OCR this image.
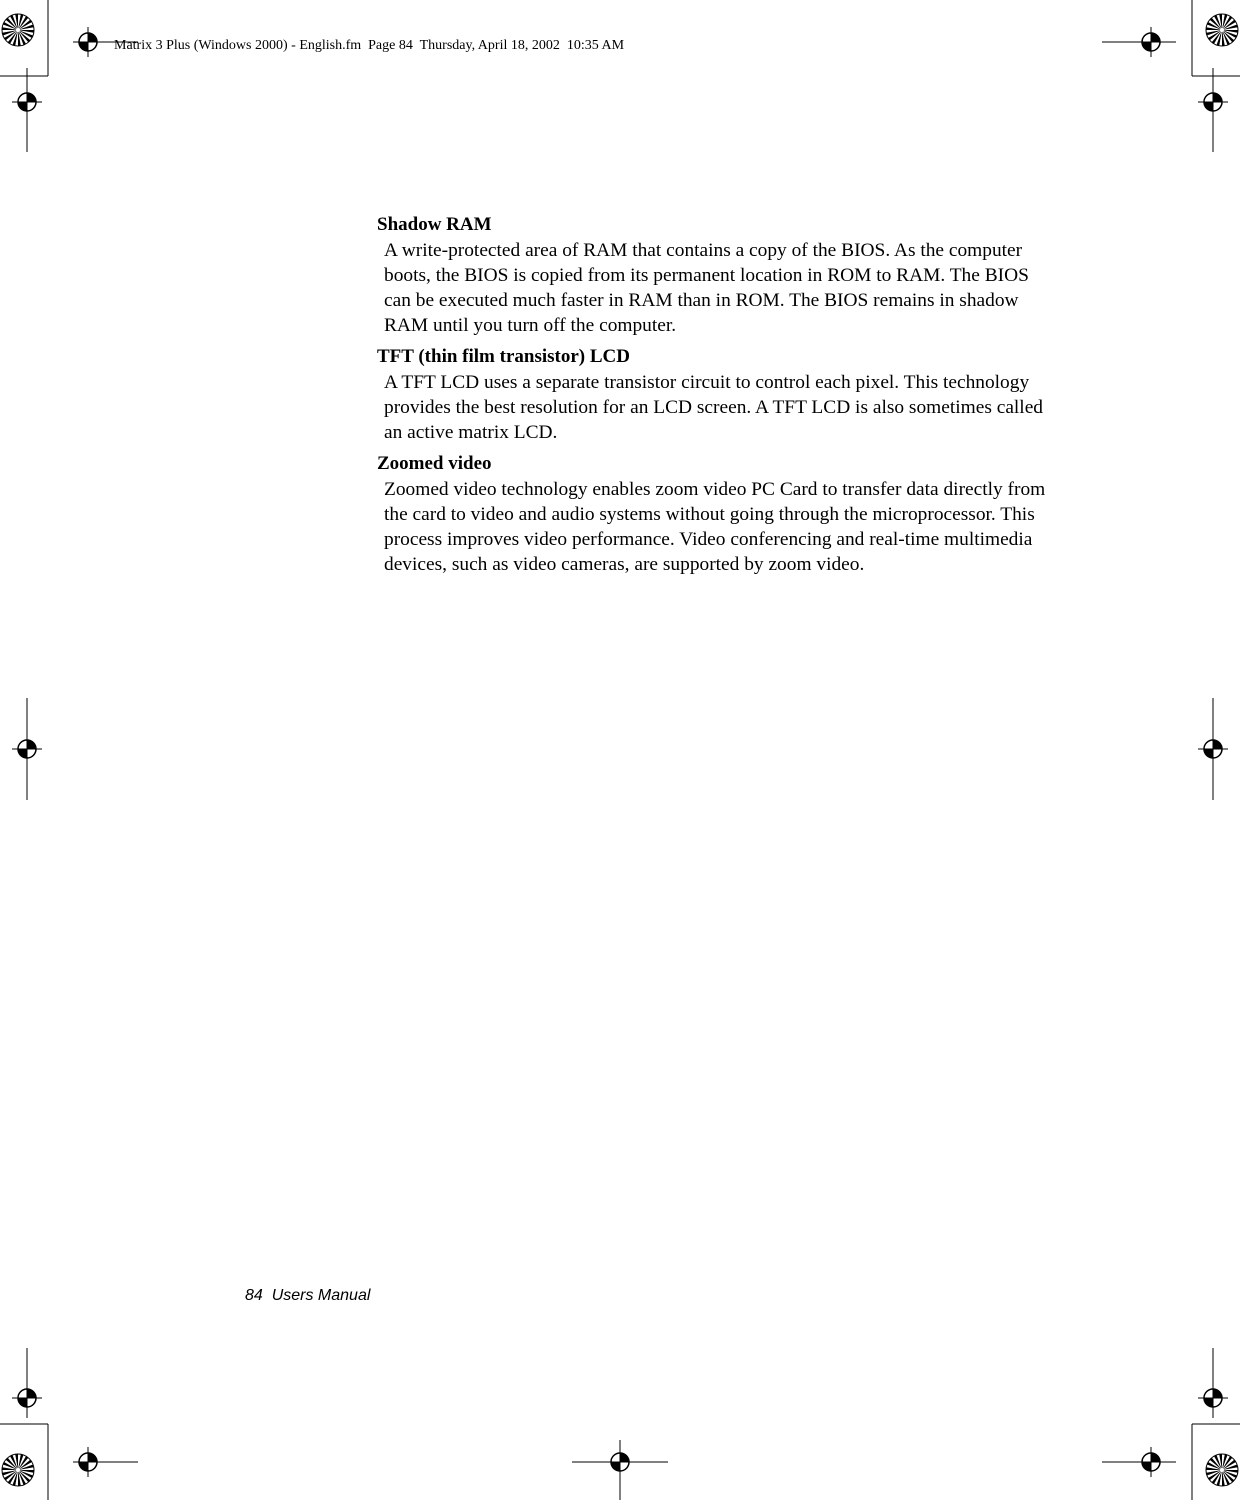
Matrix 3 Plus (Windows 2000) - English.fm  Page 84  Thursday, April 18, 2002  10:35 AM

Shadow RAM

A write-protected area of RAM that contains a copy of the BIOS. As the computer boots, the BIOS is copied from its permanent location in ROM to RAM. The BIOS can be executed much faster in RAM than in ROM. The BIOS remains in shadow RAM until you turn off the computer.

TFT (thin film transistor) LCD

A TFT LCD uses a separate transistor circuit to control each pixel. This technology provides the best resolution for an LCD screen. A TFT LCD is also sometimes called an active matrix LCD.

Zoomed video

Zoomed video technology enables zoom video PC Card to transfer data directly from the card to video and audio systems without going through the microprocessor. This process improves video performance. Video conferencing and real-time multimedia devices, such as video cameras, are supported by zoom video.

84  Users Manual
